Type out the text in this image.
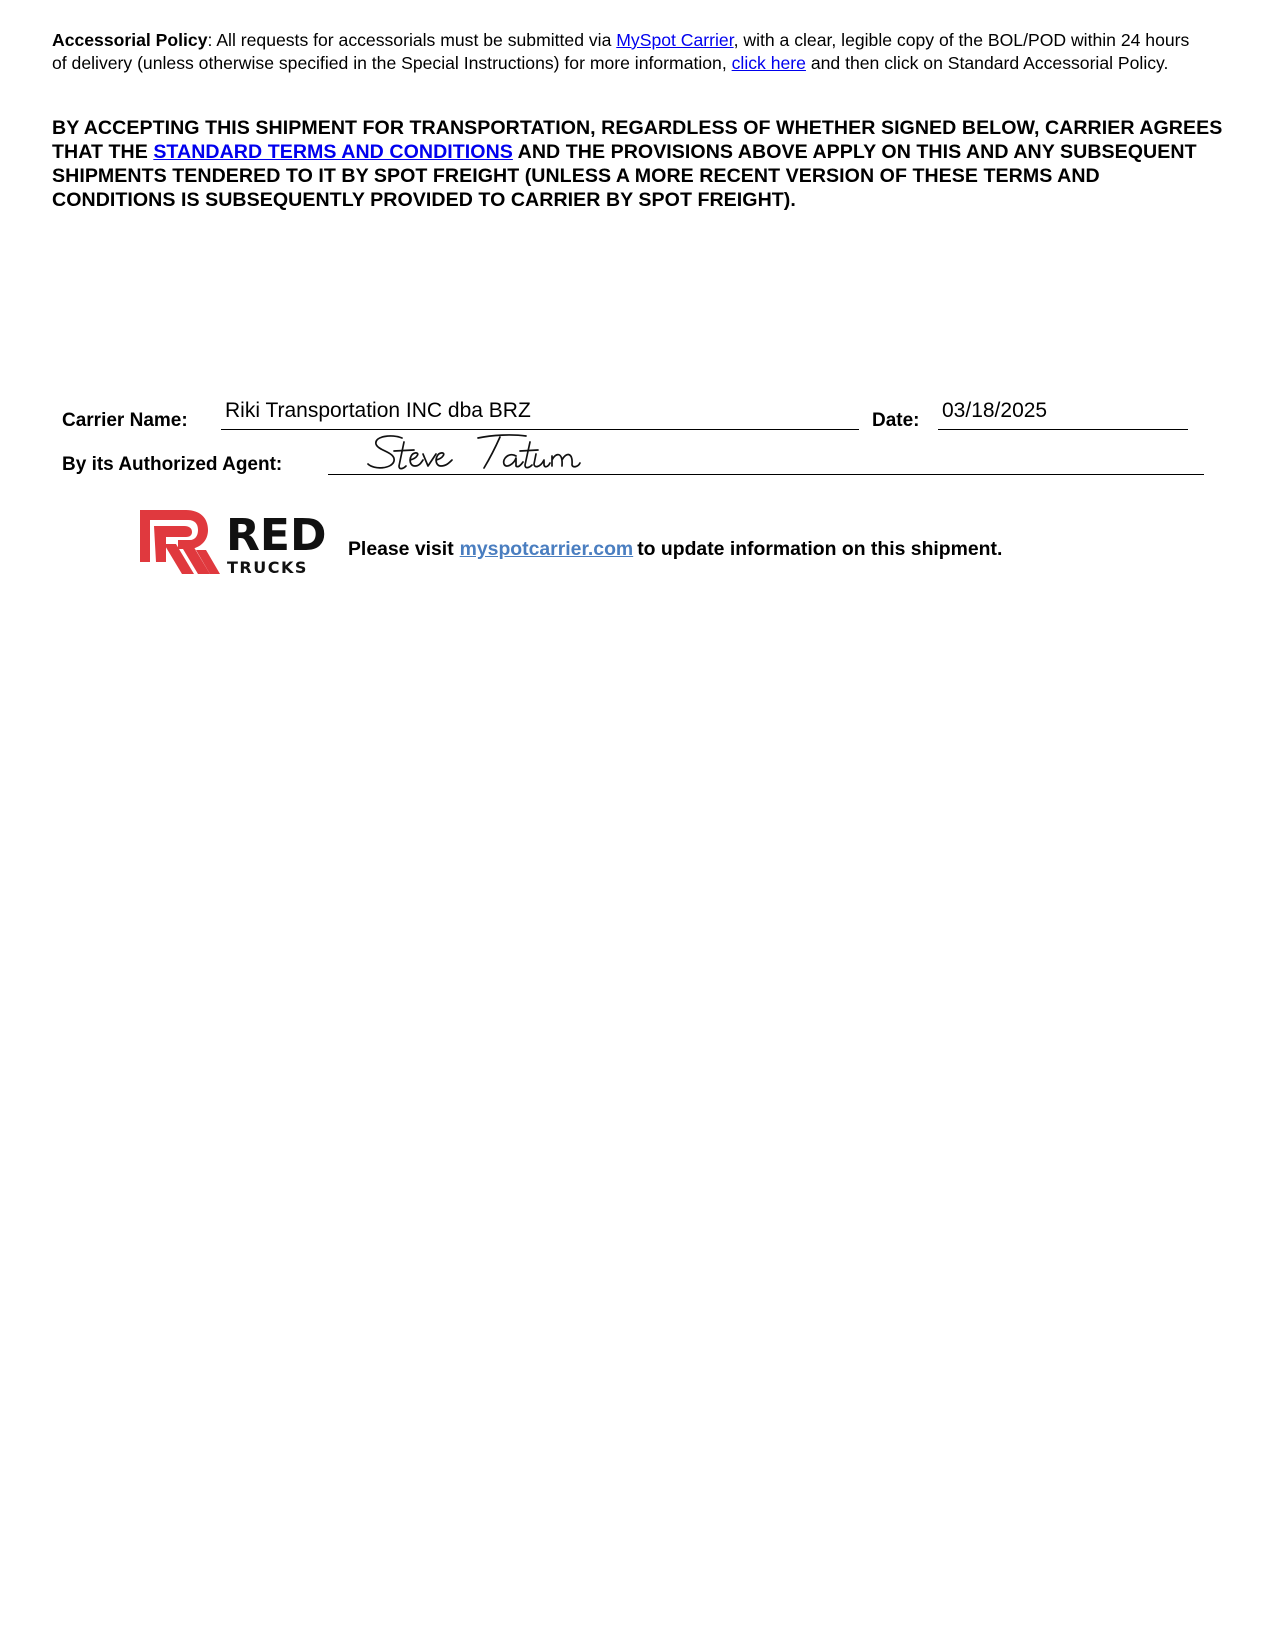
Accessorial Policy: All requests for accessorials must be submitted via MySpot Carrier, with a clear, legible copy of the BOL/POD within 24 hours of delivery (unless otherwise specified in the Special Instructions) for more information, click here and then click on Standard Accessorial Policy.
BY ACCEPTING THIS SHIPMENT FOR TRANSPORTATION, REGARDLESS OF WHETHER SIGNED BELOW, CARRIER AGREES THAT THE STANDARD TERMS AND CONDITIONS AND THE PROVISIONS ABOVE APPLY ON THIS AND ANY SUBSEQUENT SHIPMENTS TENDERED TO IT BY SPOT FREIGHT (UNLESS A MORE RECENT VERSION OF THESE TERMS AND CONDITIONS IS SUBSEQUENTLY PROVIDED TO CARRIER BY SPOT FREIGHT).
Carrier Name: Riki Transportation INC dba BRZ	Date: 03/18/2025
By its Authorized Agent:
RED
TRUCKS
Please visit myspotcarrier.com to update information on this shipment.
